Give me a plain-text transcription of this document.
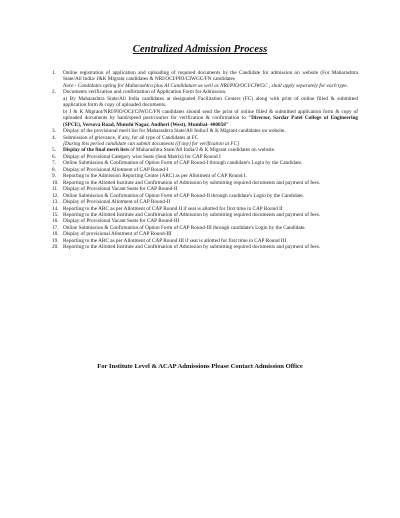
Centralized Admission Process
1. Online registration of application and uploading of required documents by the Candidate for admission on website (For Maharashtra State/All India/ J&K Migrant candidates & NRI/OCI/PIO/CIWGC/FN candidates
Note:- Candidates opting for Maharashtra plus AI Candidature as well as NRI/PIO/OCI/CIWGC , shall apply separately for each type.
2. Documents verification and confirmation of Application Form for Admission.
a) By Maharashtra State/All India candidates at designated Facilitation Centers (FC) along with print of online filled & submitted application form & copy of uploaded documents.
b) J & K Migrant/NRI/PIO/OCI/CIWGC/FN candidates should send the print of online filled & submitted application form & copy of uploaded documents by hand/speed post/courier for verification & confirmation to "Director, Sardar Patel College of Engineering (SPCE), Versova Road, Munshi Nagar, Andheri (West), Mumbai- 400058"
3. Display of the provisional merit list for Maharashtra State/All India/J & K Migrant candidates on website.
4. Submission of grievance, if any, for all type of Candidates at FC
[During this period candidate can submit documents (if any) for verification at FC]
5. Display of the final merit lists of Maharashtra State/All India/J & K Migrant candidates on website.
6. Display of Provisional Category wise Seats (Seat Matrix) for CAP Round I
7. Online Submission & Confirmation of Option Form of CAP Round-I through candidate's Login by the Candidate.
8. Display of Provisional Allotment of CAP Round-I
9. Reporting to the Admission Reporting Centre (ARC) as per Allotment of CAP Round I.
10. Reporting to the Allotted Institute and Confirmation of Admission by submitting required documents and payment of fees.
11. Display of Provisional Vacant Seats for CAP Round-II
12. Online Submission & Confirmation of Option Form of CAP Round-II through candidate's Login by the Candidate.
13. Display of Provisional Allotment of CAP Round-II
14. Reporting to the ARC as per Allotment of CAP Round II if seat is allotted for first time in CAP Round II
15. Reporting to the Allotted Institute and Confirmation of Admission by submitting required documents and payment of fees.
16. Display of Provisional Vacant Seats for CAP Round-III
17. Online Submission & Confirmation of Option Form of CAP Round-III through candidate's Login by the Candidate.
18. Display of provisional Allotment of CAP Round-III
19. Reporting to the ARC as per Allotment of CAP Round III if seat is allotted for first time in CAP Round III
20. Reporting to the Allotted Institute and Confirmation of Admission by submitting required documents and payment of fees.
For Institute Level & ACAP Admissions Please Contact Admission Office
